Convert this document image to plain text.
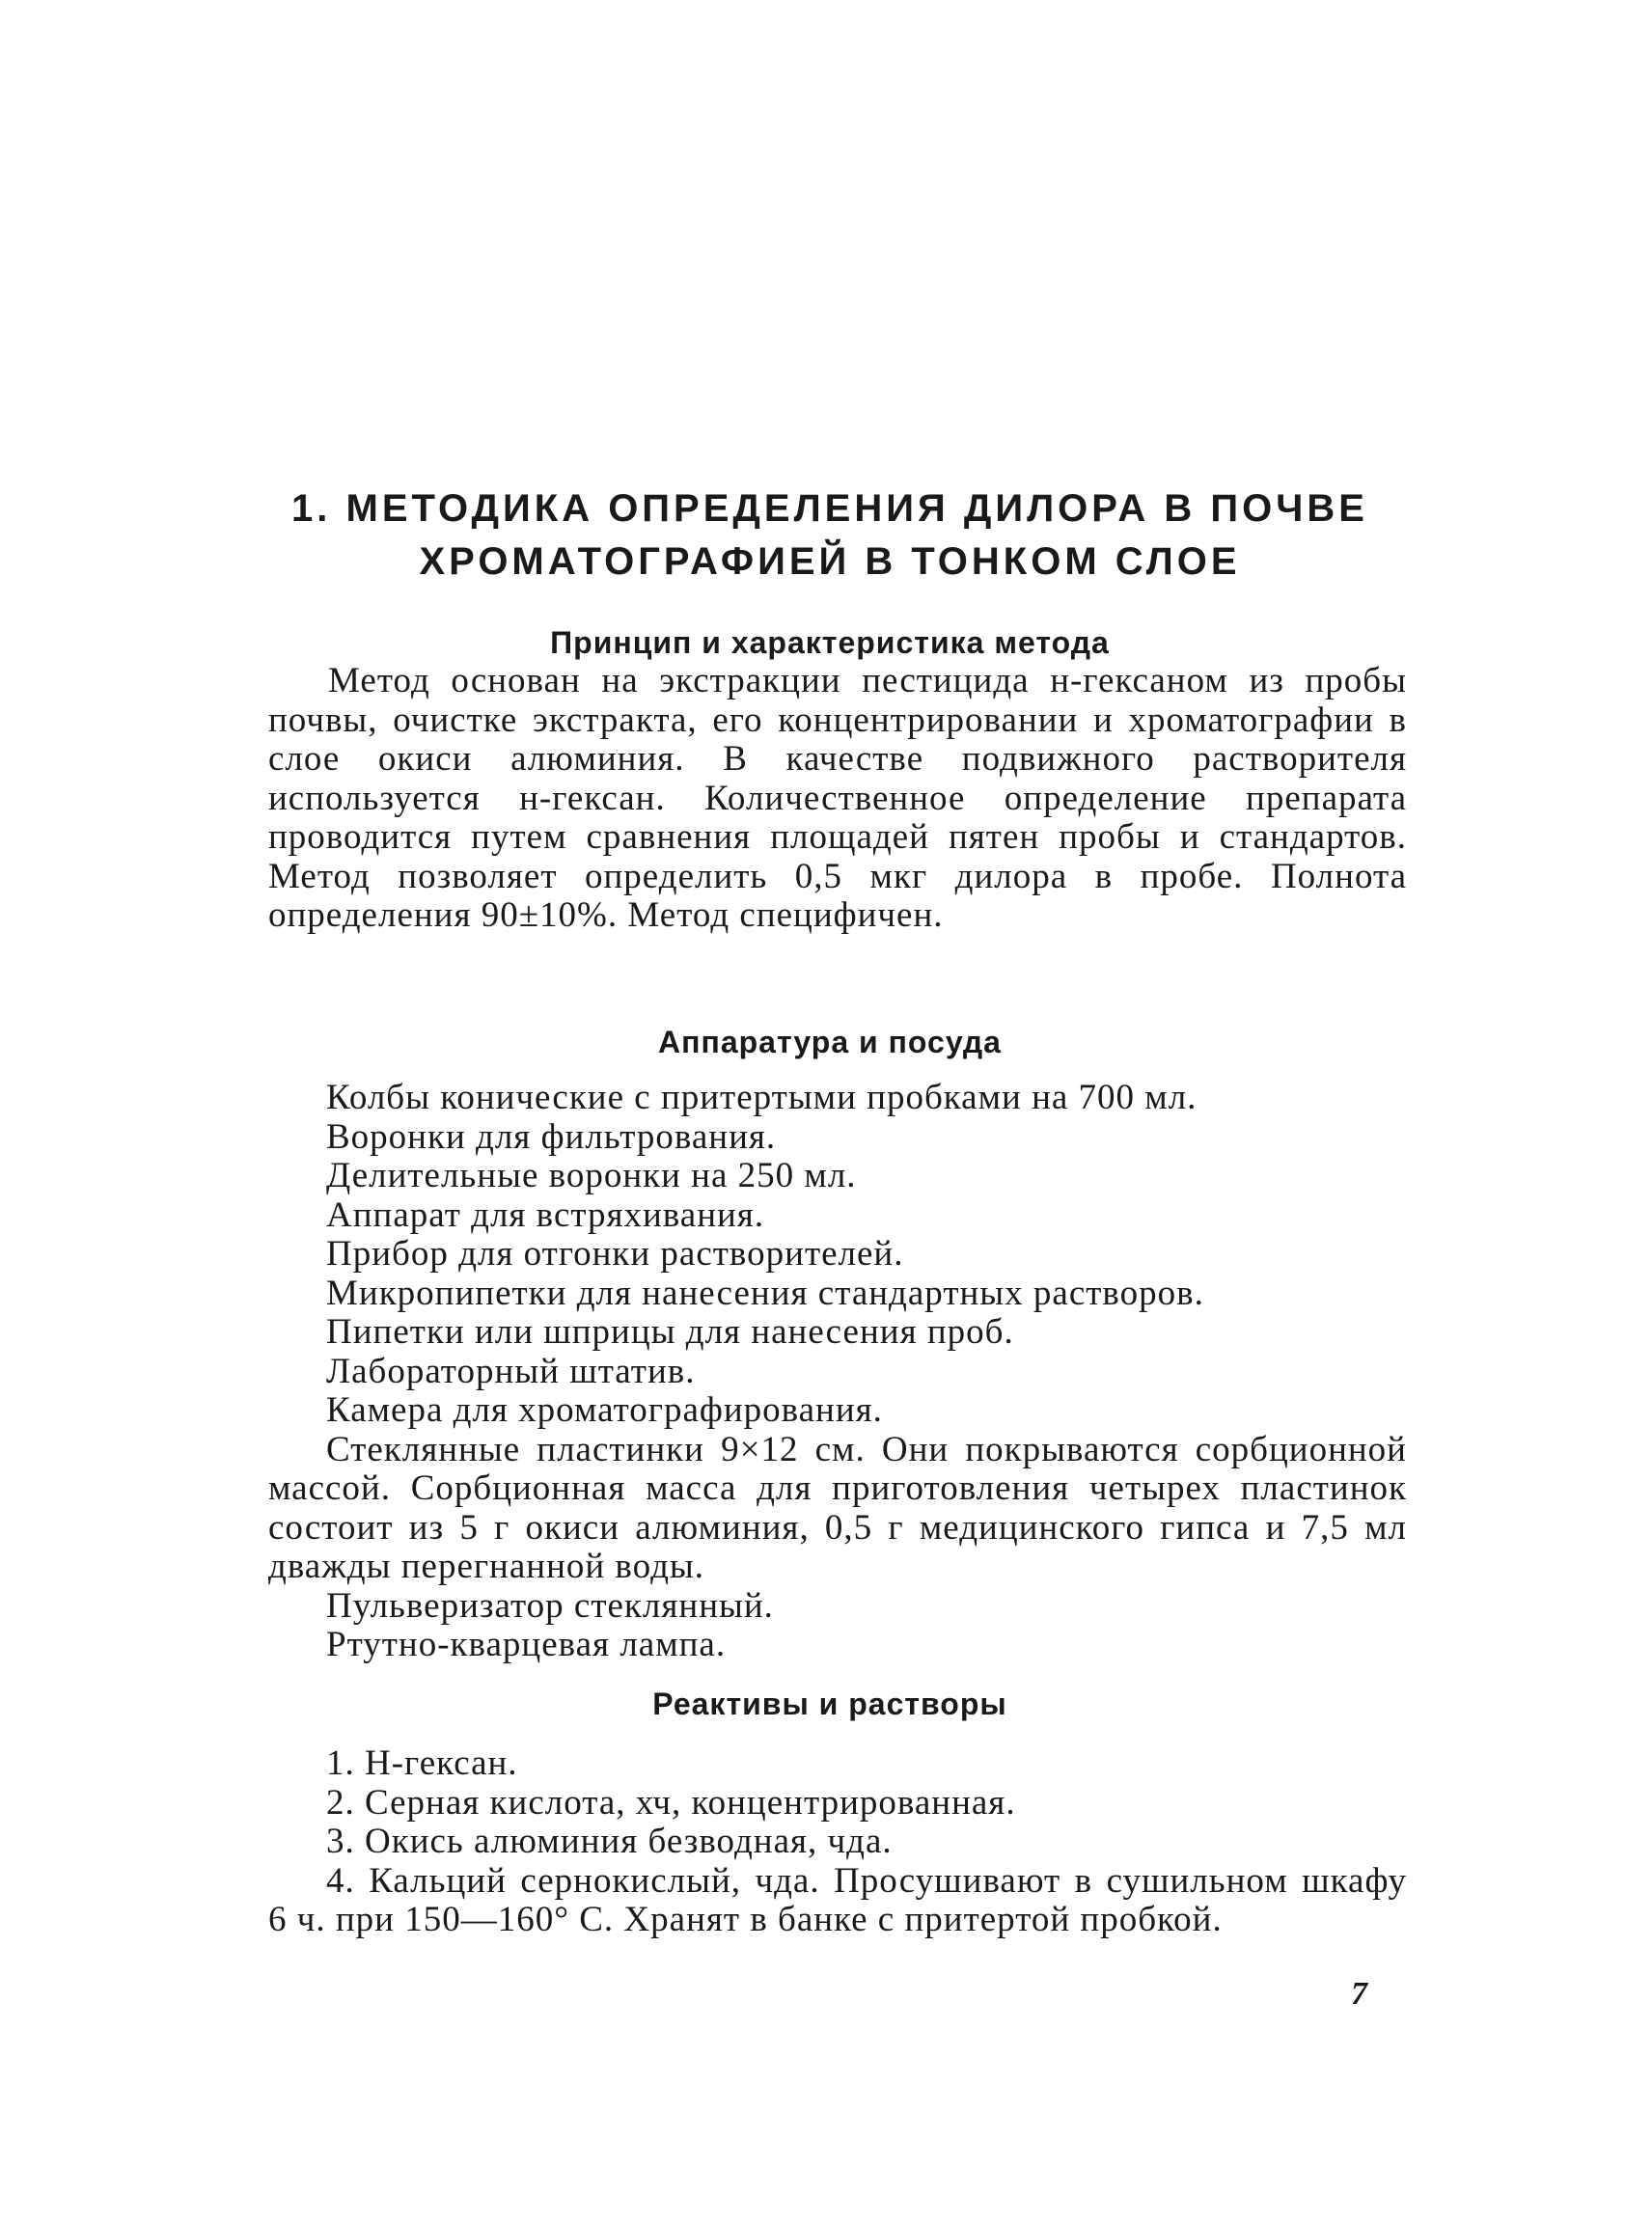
1. МЕТОДИКА ОПРЕДЕЛЕНИЯ ДИЛОРА В ПОЧВЕ
ХРОМАТОГРАФИЕЙ В ТОНКОМ СЛОЕ
Принцип и характеристика метода

Метод основан на экстракции пестицида н-гексаном из пробы почвы, очистке экстракта, его концентрировании и хроматографии в слое окиси алюминия. В качестве подвижного растворителя используется н-гексан. Количественное определение препарата проводится путем сравнения площадей пятен пробы и стандартов. Метод позволяет определить 0,5 мкг дилора в пробе. Полнота определения 90±10%. Метод специфичен.

Аппаратура и посуда
Колбы конические с притертыми пробками на 700 мл.
Воронки для фильтрования.
Делительные воронки на 250 мл.
Аппарат для встряхивания.
Прибор для отгонки растворителей.
Микропипетки для нанесения стандартных растворов.
Пипетки или шприцы для нанесения проб.
Лабораторный штатив.
Камера для хроматографирования.
Стеклянные пластинки 9×12 см. Они покрываются сорбционной массой. Сорбционная масса для приготовления четырех пластинок состоит из 5 г окиси алюминия, 0,5 г медицинского гипса и 7,5 мл дважды перегнанной воды.
Пульверизатор стеклянный.
Ртутно-кварцевая лампа.
Реактивы и растворы
1. Н-гексан.
2. Серная кислота, хч, концентрированная.
3. Окись алюминия безводная, чда.
4. Кальций сернокислый, чда. Просушивают в сушильном шкафу 6 ч. при 150—160° С. Хранят в банке с притертой пробкой.
7
